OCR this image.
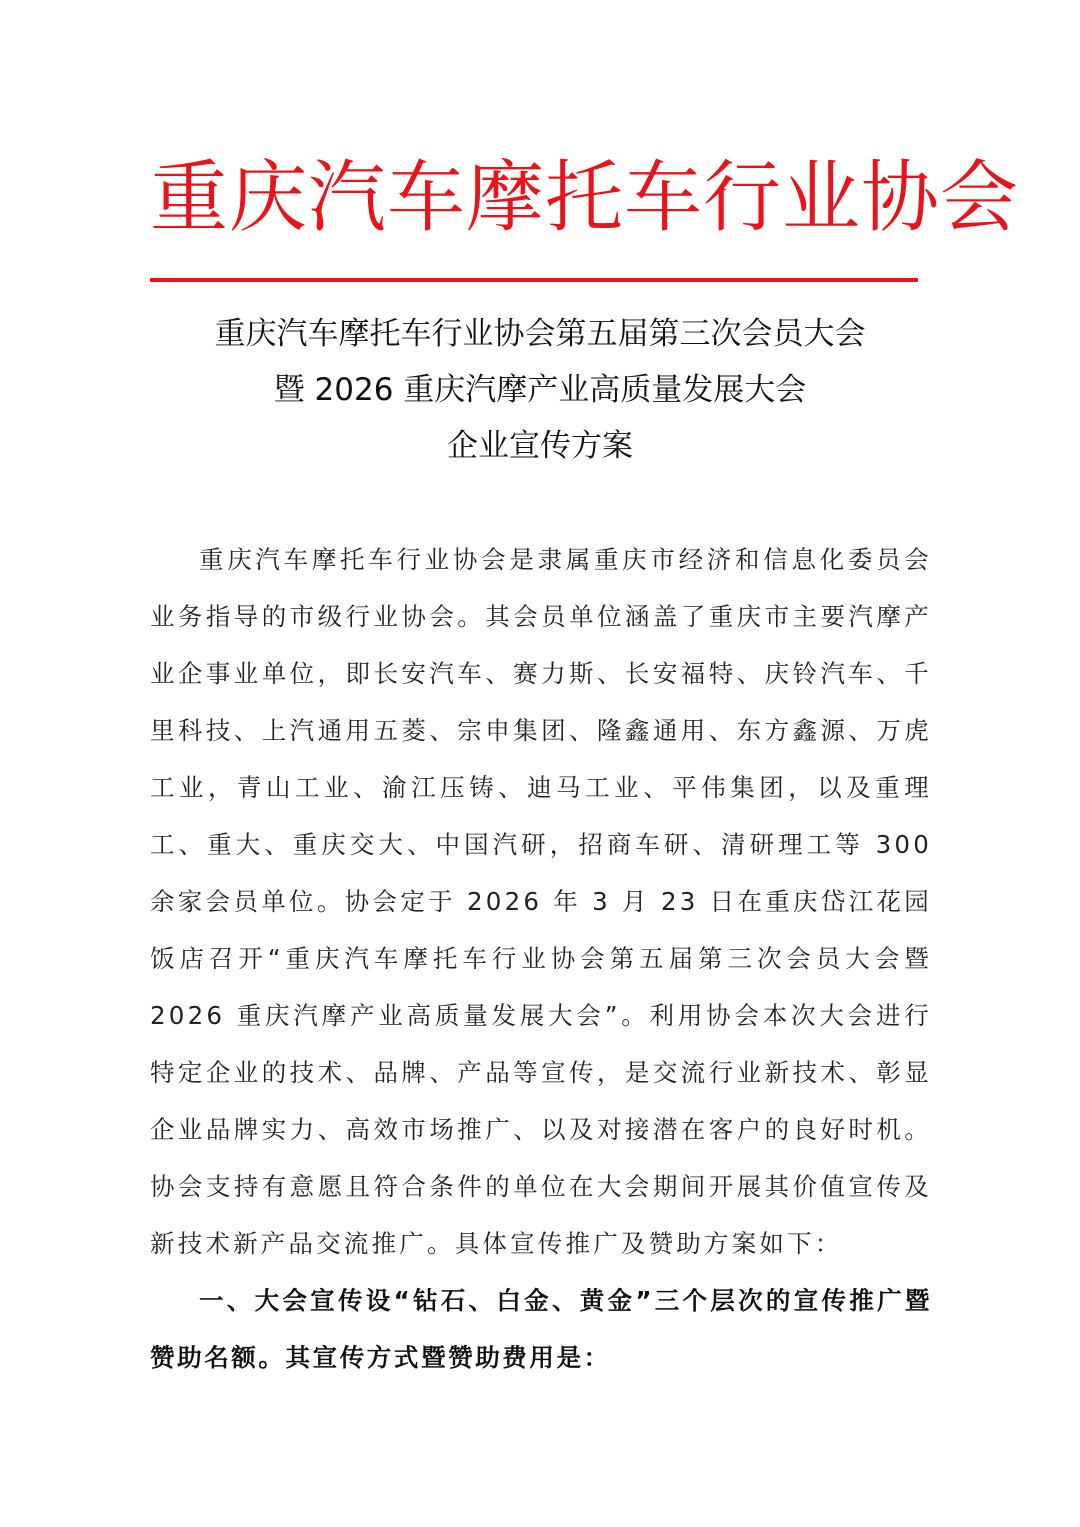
重庆汽车摩托车行业协会
重庆汽车摩托车行业协会第五届第三次会员大会
暨 2026 重庆汽摩产业高质量发展大会
企业宣传方案

重庆汽车摩托车行业协会是隶属重庆市经济和信息化委员会业务指导的市级行业协会。其会员单位涵盖了重庆市主要汽摩产业企事业单位，即长安汽车、赛力斯、长安福特、庆铃汽车、千里科技、上汽通用五菱、宗申集团、隆鑫通用、东方鑫源、万虎工业，青山工业、渝江压铸、迪马工业、平伟集团，以及重理工、重大、重庆交大、中国汽研，招商车研、清研理工等 300 余家会员单位。协会定于 2026 年 3 月 23 日在重庆岱江花园饭店召开“重庆汽车摩托车行业协会第五届第三次会员大会暨 2026 重庆汽摩产业高质量发展大会”。利用协会本次大会进行特定企业的技术、品牌、产品等宣传，是交流行业新技术、彰显企业品牌实力、高效市场推广、以及对接潜在客户的良好时机。协会支持有意愿且符合条件的单位在大会期间开展其价值宣传及新技术新产品交流推广。具体宣传推广及赞助方案如下：

一、大会宣传设“钻石、白金、黄金”三个层次的宣传推广暨赞助名额。其宣传方式暨赞助费用是：
